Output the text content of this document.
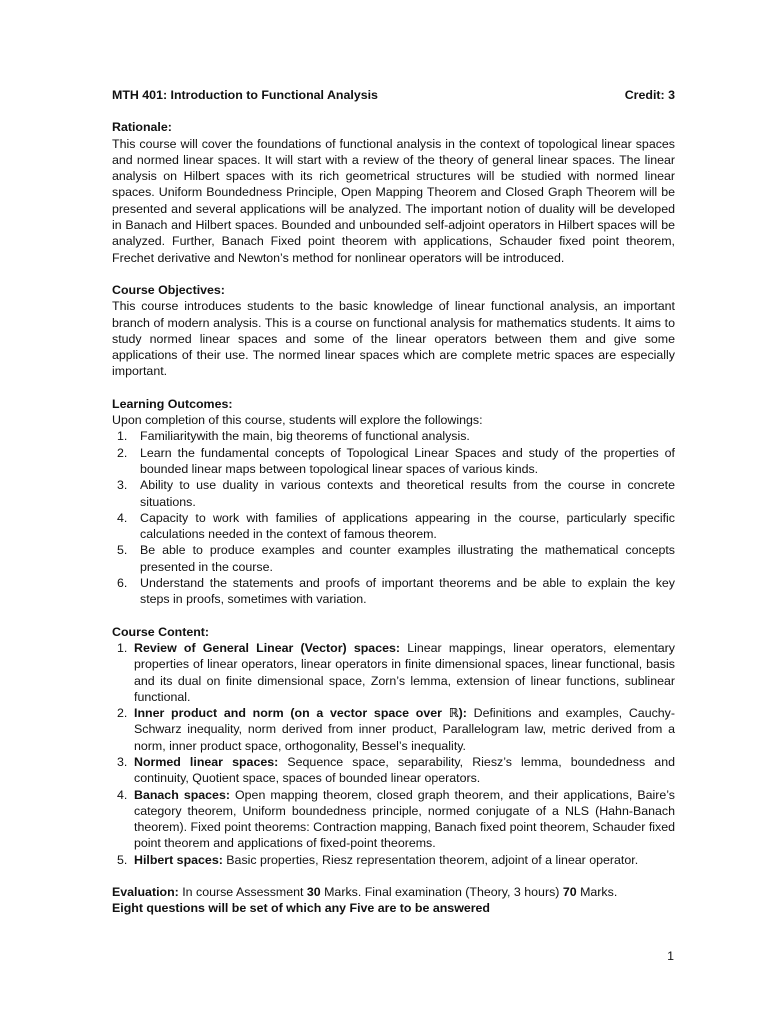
MTH 401: Introduction to Functional Analysis	Credit: 3
Rationale:
This course will cover the foundations of functional analysis in the context of topological linear spaces and normed linear spaces. It will start with a review of the theory of general linear spaces. The linear analysis on Hilbert spaces with its rich geometrical structures will be studied with normed linear spaces. Uniform Boundedness Principle, Open Mapping Theorem and Closed Graph Theorem will be presented and several applications will be analyzed. The important notion of duality will be developed in Banach and Hilbert spaces. Bounded and unbounded self-adjoint operators in Hilbert spaces will be analyzed. Further, Banach Fixed point theorem with applications, Schauder fixed point theorem, Frechet derivative and Newton’s method for nonlinear operators will be introduced.
Course Objectives:
This course introduces students to the basic knowledge of linear functional analysis, an important branch of modern analysis. This is a course on functional analysis for mathematics students. It aims to study normed linear spaces and some of the linear operators between them and give some applications of their use. The normed linear spaces which are complete metric spaces are especially important.
Learning Outcomes:
Upon completion of this course, students will explore the followings:
1.	Familiaritywith the main, big theorems of functional analysis.
2.	Learn the fundamental concepts of Topological Linear Spaces and study of the properties of bounded linear maps between topological linear spaces of various kinds.
3.	Ability to use duality in various contexts and theoretical results from the course in concrete situations.
4.	Capacity to work with families of applications appearing in the course, particularly specific calculations needed in the context of famous theorem.
5.	Be able to produce examples and counter examples illustrating the mathematical concepts presented in the course.
6.	Understand the statements and proofs of important theorems and be able to explain the key steps in proofs, sometimes with variation.
Course Content:
1. Review of General Linear (Vector) spaces: Linear mappings, linear operators, elementary properties of linear operators, linear operators in finite dimensional spaces, linear functional, basis and its dual on finite dimensional space, Zorn’s lemma, extension of linear functions, sublinear functional.
2. Inner product and norm (on a vector space over ℝ): Definitions and examples, Cauchy-Schwarz inequality, norm derived from inner product, Parallelogram law, metric derived from a norm, inner product space, orthogonality, Bessel’s inequality.
3. Normed linear spaces: Sequence space, separability, Riesz’s lemma, boundedness and continuity, Quotient space, spaces of bounded linear operators.
4. Banach spaces: Open mapping theorem, closed graph theorem, and their applications, Baire’s category theorem, Uniform boundedness principle, normed conjugate of a NLS (Hahn-Banach theorem). Fixed point theorems: Contraction mapping, Banach fixed point theorem, Schauder fixed point theorem and applications of fixed-point theorems.
5. Hilbert spaces: Basic properties, Riesz representation theorem, adjoint of a linear operator.
Evaluation: In course Assessment 30 Marks. Final examination (Theory, 3 hours) 70 Marks.
Eight questions will be set of which any Five are to be answered
1
